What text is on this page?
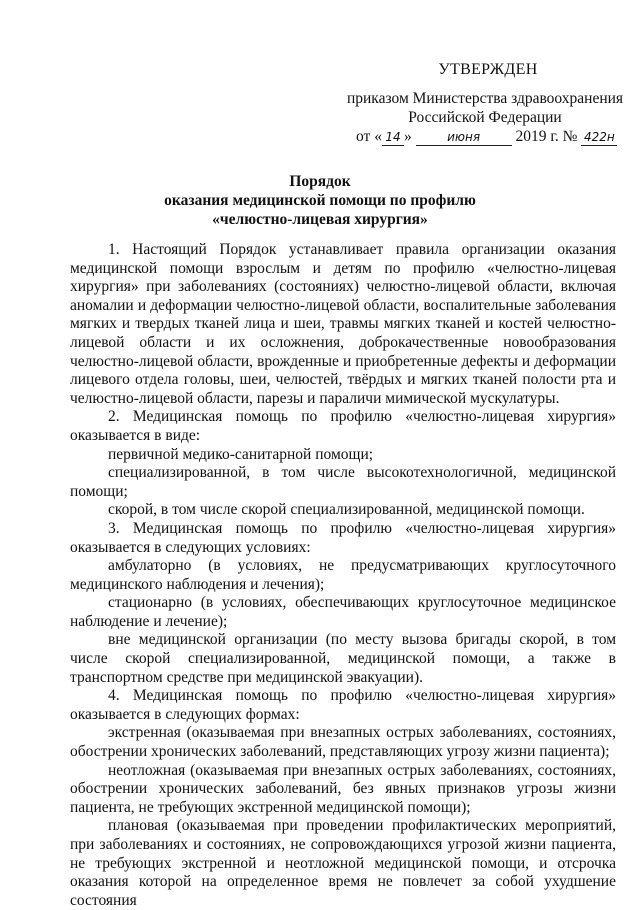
УТВЕРЖДЕН
приказом Министерства здравоохранения
Российской Федерации
от « 14 »	июня 2019 г. № 422н
Порядок
оказания медицинской помощи по профилю
«челюстно-лицевая хирургия»

1. Настоящий Порядок устанавливает правила организации оказания медицинской помощи взрослым и детям по профилю «челюстно-лицевая хирургия» при заболеваниях (состояниях) челюстно-лицевой области, включая аномалии и деформации челюстно-лицевой области, воспалительные заболевания мягких и твердых тканей лица и шеи, травмы мягких тканей и костей челюстно-лицевой области и их осложнения, доброкачественные новообразования челюстно-лицевой области, врожденные и приобретенные дефекты и деформации лицевого отдела головы, шеи, челюстей, твёрдых и мягких тканей полости рта и челюстно-лицевой области, парезы и параличи мимической мускулатуры.

2. Медицинская помощь по профилю «челюстно-лицевая хирургия» оказывается в виде:

первичной медико-санитарной помощи;

специализированной, в том числе высокотехнологичной, медицинской помощи;

скорой, в том числе скорой специализированной, медицинской помощи.

3. Медицинская помощь по профилю «челюстно-лицевая хирургия» оказывается в следующих условиях:

амбулаторно (в условиях, не предусматривающих круглосуточного медицинского наблюдения и лечения);

стационарно (в условиях, обеспечивающих круглосуточное медицинское наблюдение и лечение);

вне медицинской организации (по месту вызова бригады скорой, в том числе скорой специализированной, медицинской помощи, а также в транспортном средстве при медицинской эвакуации).

4. Медицинская помощь по профилю «челюстно-лицевая хирургия» оказывается в следующих формах:

экстренная (оказываемая при внезапных острых заболеваниях, состояниях, обострении хронических заболеваний, представляющих угрозу жизни пациента);

неотложная (оказываемая при внезапных острых заболеваниях, состояниях, обострении хронических заболеваний, без явных признаков угрозы жизни пациента, не требующих экстренной медицинской помощи);

плановая (оказываемая при проведении профилактических мероприятий, при заболеваниях и состояниях, не сопровождающихся угрозой жизни пациента, не требующих экстренной и неотложной медицинской помощи, и отсрочка оказания которой на определенное время не повлечет за собой ухудшение состояния
